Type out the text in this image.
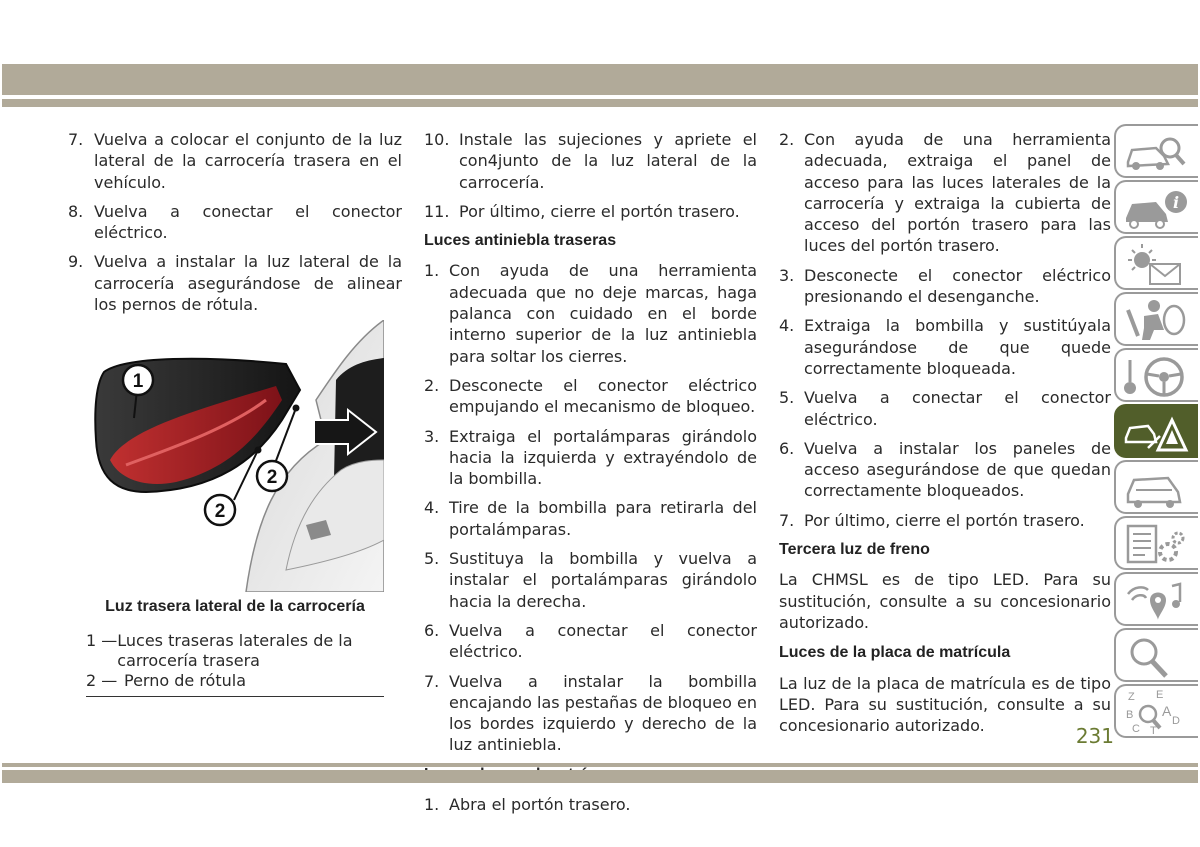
7. Vuelva a colocar el conjunto de la luz lateral de la carrocería trasera en el vehículo.
8. Vuelva a conectar el conector eléctrico.
9. Vuelva a instalar la luz lateral de la carrocería asegurándose de alinear los pernos de rótula.
1
2
2
Luz trasera lateral de la carrocería
1 — Luces traseras laterales de la carrocería trasera
2 — Perno de rótula
10. Instale las sujeciones y apriete el con4junto de la luz lateral de la carrocería.
11. Por último, cierre el portón trasero.
Luces antiniebla traseras
1. Con ayuda de una herramienta adecuada que no deje marcas, haga palanca con cuidado en el borde interno superior de la luz antiniebla para soltar los cierres.
2. Desconecte el conector eléctrico empujando el mecanismo de bloqueo.
3. Extraiga el portalámparas girándolo hacia la izquierda y extrayéndolo de la bombilla.
4. Tire de la bombilla para retirarla del portalámparas.
5. Sustituya la bombilla y vuelva a instalar el portalámparas girándolo hacia la derecha.
6. Vuelva a conectar el conector eléctrico.
7. Vuelva a instalar la bombilla encajando las pestañas de bloqueo en los bordes izquierdo y derecho de la luz antiniebla.
1. Abra el portón trasero.
2. Con ayuda de una herramienta adecuada, extraiga el panel de acceso para las luces laterales de la carrocería y extraiga la cubierta de acceso del portón trasero para las luces del portón trasero.
3. Desconecte el conector eléctrico presionando el desenganche.
4. Extraiga la bombilla y sustitúyala asegurándose de que quede correctamente bloqueada.
5. Vuelva a conectar el conector eléctrico.
6. Vuelva a instalar los paneles de acceso asegurándose de que quedan correctamente bloqueados.
7. Por último, cierre el portón trasero.
Tercera luz de freno
La CHMSL es de tipo LED. Para su sustitución, consulte a su concesionario autorizado.
Luces de la placa de matrícula
La luz de la placa de matrícula es de tipo LED. Para su sustitución, consulte a su concesionario autorizado.
i
Z E
B A
D
C T
231
